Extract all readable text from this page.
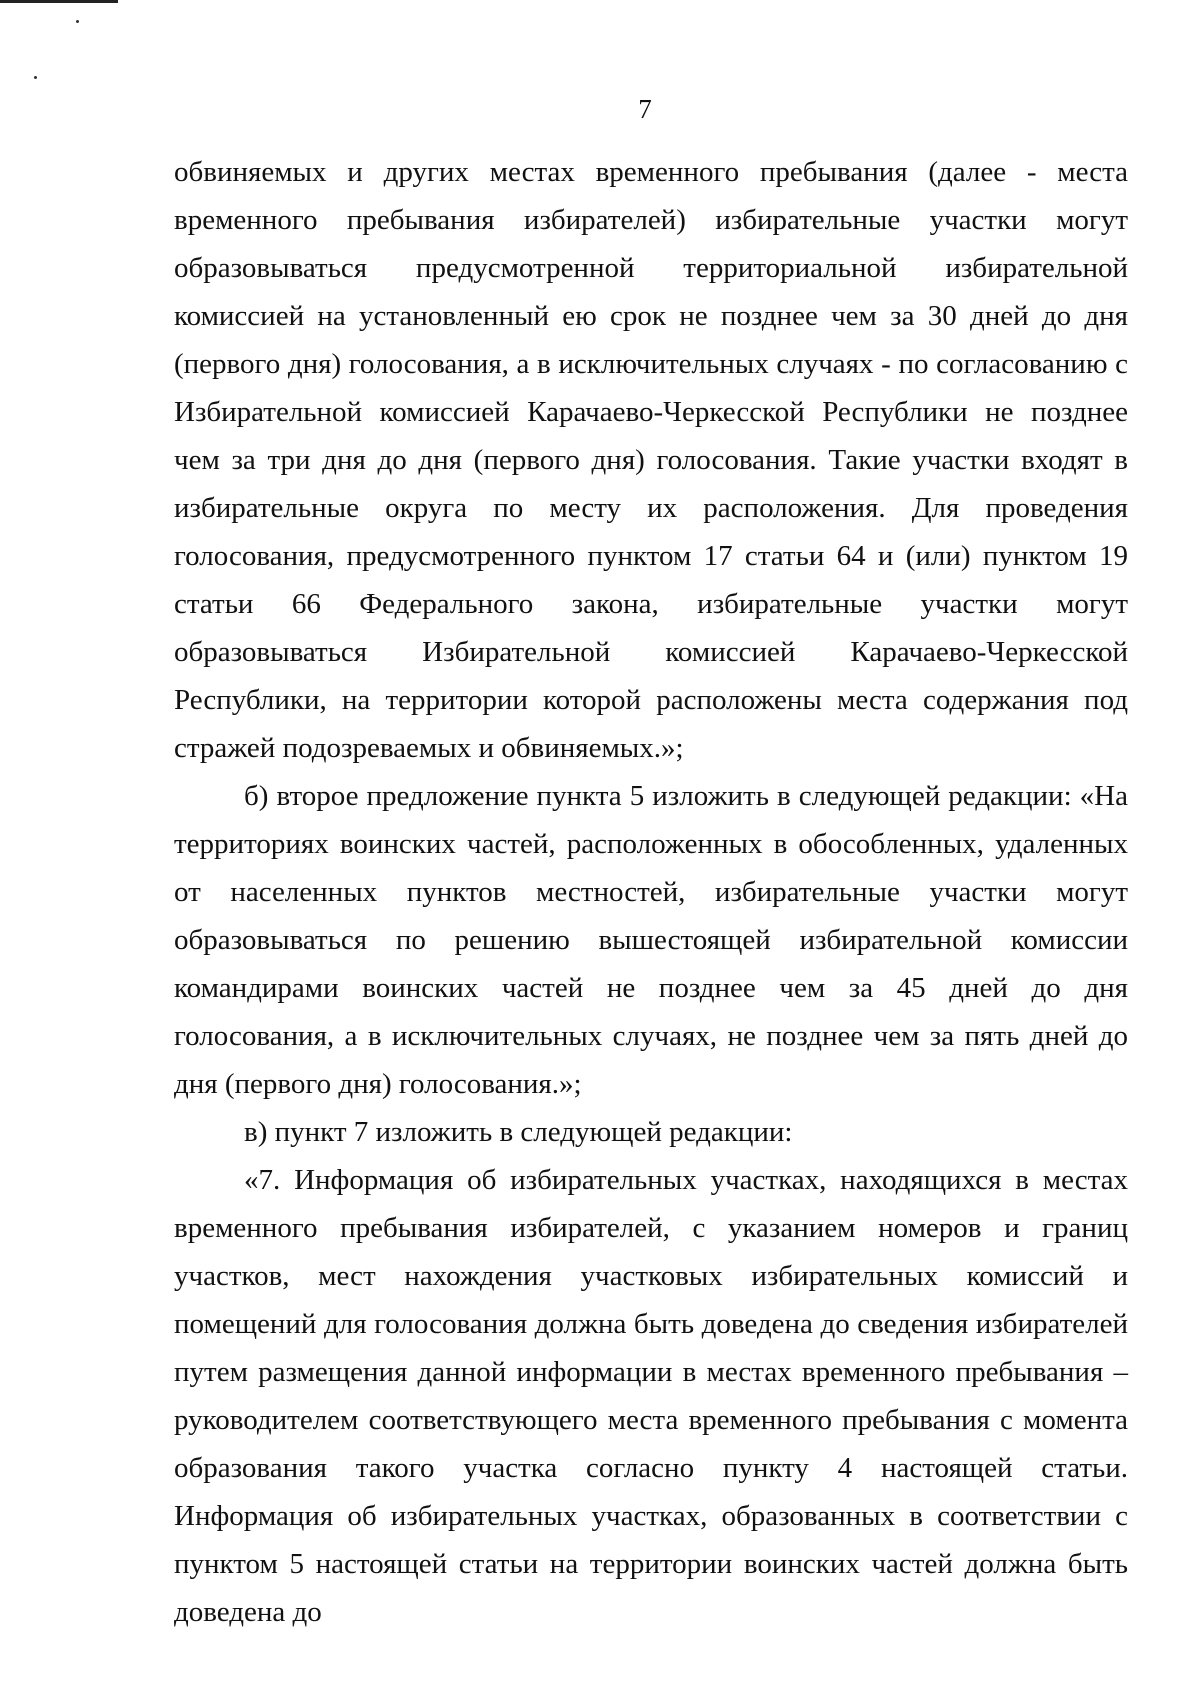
7

обвиняемых и других местах временного пребывания (далее - места временного пребывания избирателей) избирательные участки могут образовываться предусмотренной территориальной избирательной комиссией на установленный ею срок не позднее чем за 30 дней до дня (первого дня) голосования, а в исключительных случаях - по согласованию с Избирательной комиссией Карачаево-Черкесской Республики не позднее чем за три дня до дня (первого дня) голосования. Такие участки входят в избирательные округа по месту их расположения. Для проведения голосования, предусмотренного пунктом 17 статьи 64 и (или) пунктом 19 статьи 66 Федерального закона, избирательные участки могут образовываться Избирательной комиссией Карачаево-Черкесской Республики, на территории которой расположены места содержания под стражей подозреваемых и обвиняемых.»;

б) второе предложение пункта 5 изложить в следующей редакции: «На территориях воинских частей, расположенных в обособленных, удаленных от населенных пунктов местностей, избирательные участки могут образовываться по решению вышестоящей избирательной комиссии командирами воинских частей не позднее чем за 45 дней до дня голосования, а в исключительных случаях, не позднее чем за пять дней до дня (первого дня) голосования.»;

в) пункт 7 изложить в следующей редакции:

«7. Информация об избирательных участках, находящихся в местах временного пребывания избирателей, с указанием номеров и границ участков, мест нахождения участковых избирательных комиссий и помещений для голосования должна быть доведена до сведения избирателей путем размещения данной информации в местах временного пребывания – руководителем соответствующего места временного пребывания с момента образования такого участка согласно пункту 4 настоящей статьи. Информация об избирательных участках, образованных в соответствии с пунктом 5 настоящей статьи на территории воинских частей должна быть доведена до
